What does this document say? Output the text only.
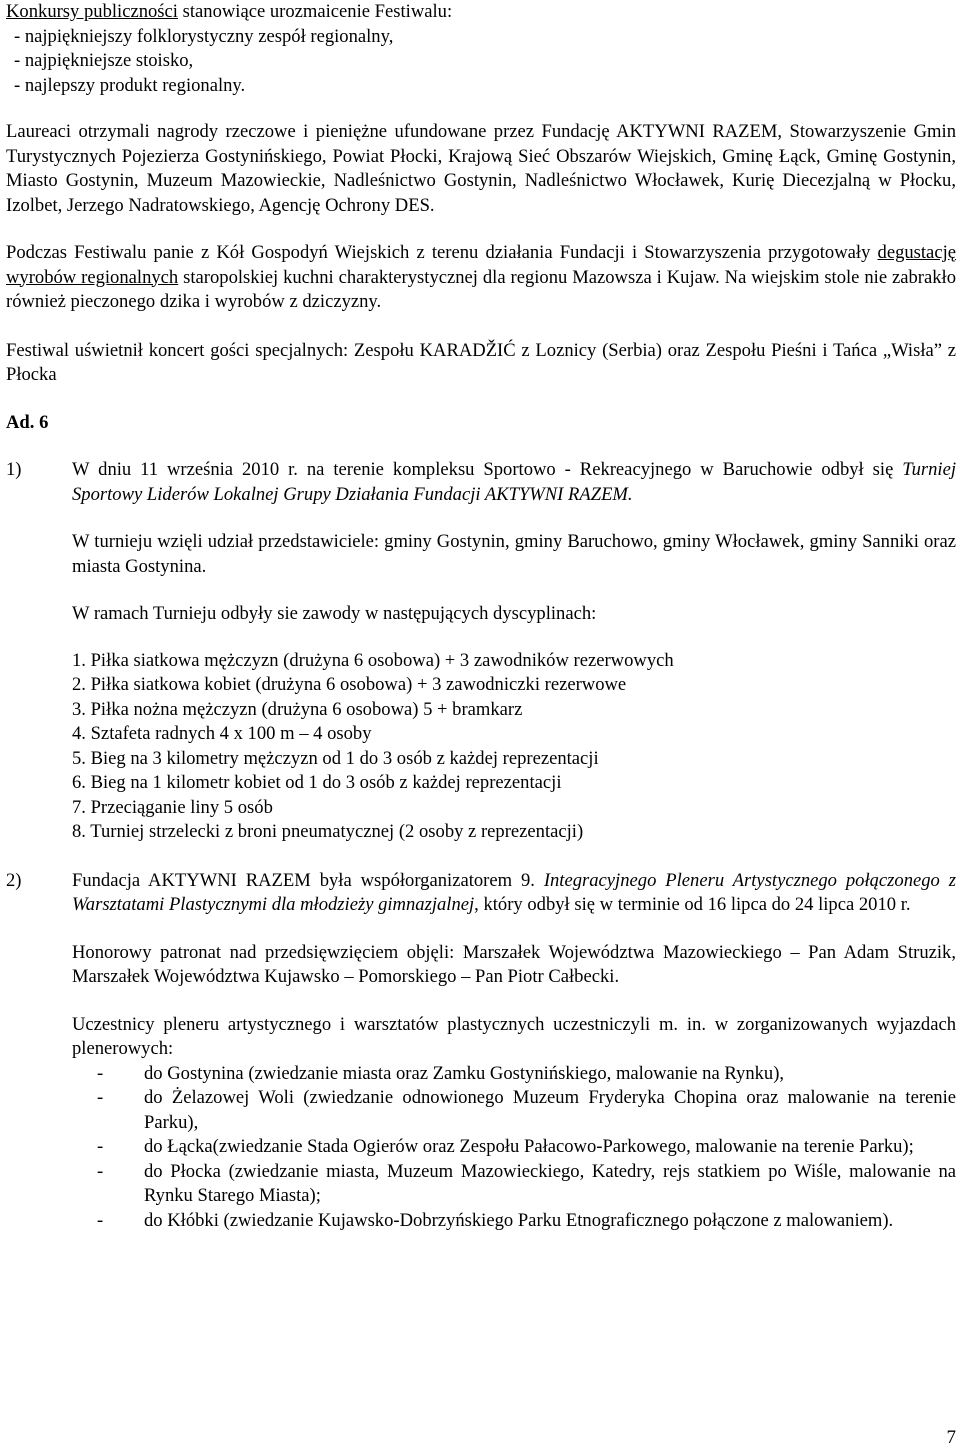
Konkursy publiczności stanowiące urozmaicenie Festiwalu:

- najpiękniejszy folklorystyczny zespół regionalny,

- najpiękniejsze stoisko,

- najlepszy produkt regionalny.

Laureaci otrzymali nagrody rzeczowe i pieniężne ufundowane przez Fundację AKTYWNI RAZEM, Stowarzyszenie Gmin Turystycznych Pojezierza Gostynińskiego, Powiat Płocki, Krajową Sieć Obszarów Wiejskich, Gminę Łąck, Gminę Gostynin, Miasto Gostynin, Muzeum Mazowieckie, Nadleśnictwo Gostynin, Nadleśnictwo Włocławek, Kurię Diecezjalną w Płocku, Izolbet, Jerzego Nadratowskiego, Agencję Ochrony DES.

Podczas Festiwalu panie z Kół Gospodyń Wiejskich z terenu działania Fundacji i Stowarzyszenia przygotowały degustację wyrobów regionalnych staropolskiej kuchni charakterystycznej dla regionu Mazowsza i Kujaw. Na wiejskim stole nie zabrakło również pieczonego dzika i wyrobów z dziczyzny.

Festiwal uświetnił koncert gości specjalnych: Zespołu KARADŽIĆ z Loznicy (Serbia) oraz Zespołu Pieśni i Tańca „Wisła” z Płocka

Ad. 6

1)	W dniu 11 września 2010 r. na terenie kompleksu Sportowo - Rekreacyjnego w Baruchowie odbył się Turniej Sportowy Liderów Lokalnej Grupy Działania Fundacji AKTYWNI RAZEM.

W turnieju wzięli udział przedstawiciele: gminy Gostynin, gminy Baruchowo, gminy Włocławek, gminy Sanniki oraz miasta Gostynina.

W ramach Turnieju odbyły sie zawody w następujących dyscyplinach:

1. Piłka siatkowa mężczyzn (drużyna 6 osobowa) + 3 zawodników rezerwowych

2. Piłka siatkowa kobiet (drużyna 6 osobowa) + 3 zawodniczki rezerwowe

3. Piłka nożna mężczyzn (drużyna 6 osobowa) 5 + bramkarz

4. Sztafeta radnych 4 x 100 m – 4 osoby

5. Bieg na 3 kilometry mężczyzn od 1 do 3 osób z każdej reprezentacji

6. Bieg na 1 kilometr kobiet od 1 do 3 osób z każdej reprezentacji

7. Przeciąganie liny 5 osób

8. Turniej strzelecki z broni pneumatycznej (2 osoby z reprezentacji)

2)	Fundacja AKTYWNI RAZEM była współorganizatorem 9. Integracyjnego Pleneru Artystycznego połączonego z Warsztatami Plastycznymi dla młodzieży gimnazjalnej, który odbył się w terminie od 16 lipca do 24 lipca 2010 r.

Honorowy patronat nad przedsięwzięciem objęli: Marszałek Województwa Mazowieckiego – Pan Adam Struzik, Marszałek Województwa Kujawsko – Pomorskiego – Pan Piotr Całbecki.

Uczestnicy pleneru artystycznego i warsztatów plastycznych uczestniczyli m. in. w zorganizowanych wyjazdach plenerowych:

- do Gostynina (zwiedzanie miasta oraz Zamku Gostynińskiego, malowanie na Rynku),
- do Żelazowej Woli (zwiedzanie odnowionego Muzeum Fryderyka Chopina oraz malowanie na terenie Parku),
- do Łącka(zwiedzanie Stada Ogierów oraz Zespołu Pałacowo-Parkowego, malowanie na terenie Parku);
- do Płocka (zwiedzanie miasta, Muzeum Mazowieckiego, Katedry, rejs statkiem po Wiśle, malowanie na Rynku Starego Miasta);
- do Kłóbki (zwiedzanie Kujawsko-Dobrzyńskiego Parku Etnograficznego połączone z malowaniem).
7
